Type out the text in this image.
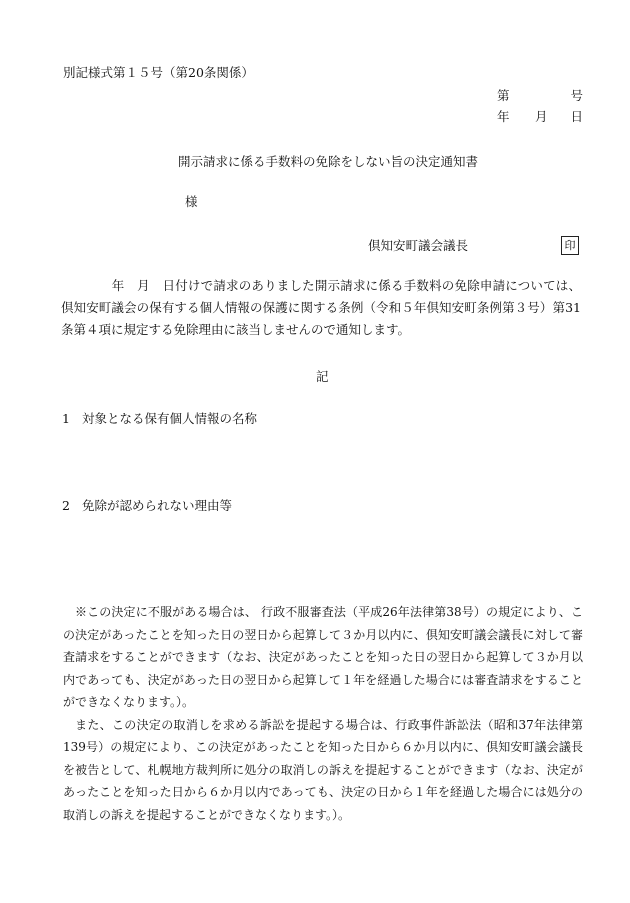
別記様式第１５号（第20条関係）
第	号
年 月 日
開示請求に係る手数料の免除をしない旨の決定通知書
様
倶知安町議会議長	印
　　　　年　月　日付けで請求のありました開示請求に係る手数料の免除申請については、倶知安町議会の保有する個人情報の保護に関する条例（令和５年倶知安町条例第３号）第31条第４項に規定する免除理由に該当しませんので通知します。
記
1 対象となる保有個人情報の名称
2 免除が認められない理由等

※この決定に不服がある場合は、 行政不服審査法（平成26年法律第38号）の規定により、この決定があったことを知った日の翌日から起算して３か月以内に、倶知安町議会議長に対して審査請求をすることができます（なお、決定があったことを知った日の翌日から起算して３か月以内であっても、決定があった日の翌日から起算して１年を経過した場合には審査請求をすることができなくなります。）。

また、この決定の取消しを求める訴訟を提起する場合は、行政事件訴訟法（昭和37年法律第139号）の規定により、この決定があったことを知った日から６か月以内に、倶知安町議会議長を被告として、札幌地方裁判所に処分の取消しの訴えを提起することができます（なお、決定があったことを知った日から６か月以内であっても、決定の日から１年を経過した場合には処分の取消しの訴えを提起することができなくなります。）。
